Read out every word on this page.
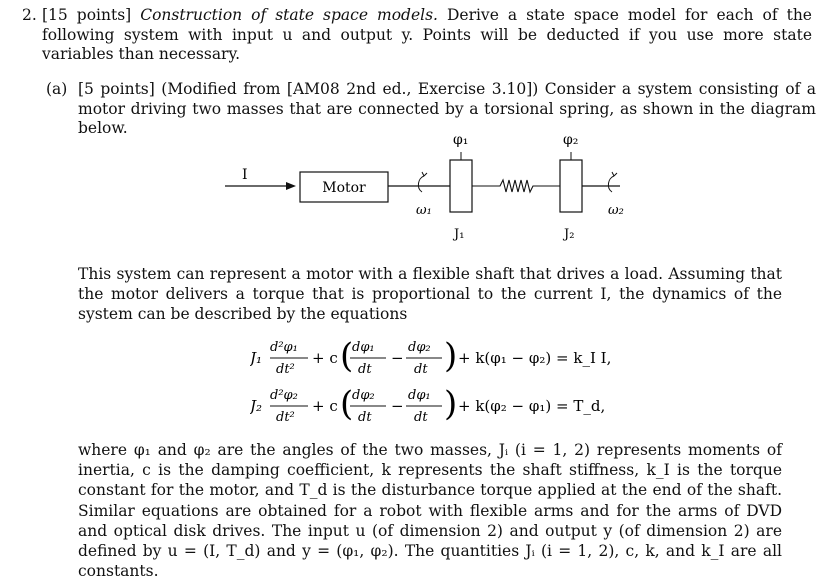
2. [15 points] Construction of state space models. Derive a state space model for each of the following system with input u and output y. Points will be deducted if you use more state variables than necessary.
(a) [5 points] (Modified from [AM08 2nd ed., Exercise 3.10]) Consider a system consisting of a motor driving two masses that are connected by a torsional spring, as shown in the diagram below.
I
Motor
ω₁
φ₁
J₁
φ₂
J₂
ω₂
This system can represent a motor with a flexible shaft that drives a load. Assuming that the motor delivers a torque that is proportional to the current I, the dynamics of the system can be described by the equations
J₁
d²φ₁
dt²
+ c (
dφ₁
dt
−
dφ₂
dt ) + k(φ₁ − φ₂) = k_I I,
J₂
d²φ₂
dt²
+ c (
dφ₂
dt
−
dφ₁
dt ) + k(φ₂ − φ₁) = T_d,
where φ₁ and φ₂ are the angles of the two masses, Jᵢ (i = 1, 2) represents moments of inertia, c is the damping coefficient, k represents the shaft stiffness, k_I is the torque constant for the motor, and T_d is the disturbance torque applied at the end of the shaft. Similar equations are obtained for a robot with flexible arms and for the arms of DVD and optical disk drives. The input u (of dimension 2) and output y (of dimension 2) are defined by u = (I, T_d) and y = (φ₁, φ₂). The quantities Jᵢ (i = 1, 2), c, k, and k_I are all constants.
